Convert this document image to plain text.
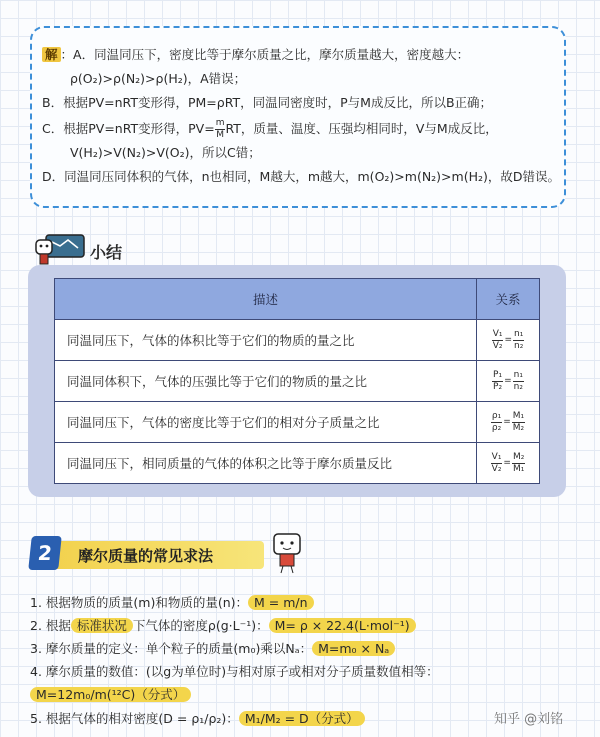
解 ：A．同温同压下，密度比等于摩尔质量之比，摩尔质量越大，密度越大：
ρ(O₂)>ρ(N₂)>ρ(H₂)，A错误；
B．根据PV=nRT变形得，PM=ρRT，同温同密度时，P与M成反比，所以B正确；
C．根据PV=nRT变形得，$PV= \frac{m}{M}$ RT，质量、温度、压强均相同时，V与M成反比，
V(H₂)>V(N₂)>V(O₂)，所以C错；
D．同温同压同体积的气体，n也相同，M越大，m越大，m(O₂)>m(N₂)>m(H₂)，故D错误。
小结
描述	关系
同温同压下，气体的体积比等于它们的物质的量之比	$\frac{\text{V₁}}{\text{V₂}} = \frac{\text{n₁}}{\text{n₂}}$

同温同体积下，气体的压强比等于它们的物质的量之比	$\frac{\text{P₁}}{\text{P₂}} = \frac{\text{n₁}}{\text{n₂}}$

同温同压下，气体的密度比等于它们的相对分子质量之比	$\frac{\text{ρ₁}}{\text{ρ₂}} = \frac{\text{M₁}}{\text{M₂}}$

同温同压下，相同质量的气体的体积之比等于摩尔质量反比	$\frac{\text{V₁}}{\text{V₂}} = \frac{\text{M₂}}{\text{M₁}}$
2	摩尔质量的常见求法
1. 根据物质的质量(m)和物质的量(n)： M = m/n
2. 根据 标准状况 下气体的密度ρ(g·L⁻¹)： M= ρ × 22.4(L·mol⁻¹)
3. 摩尔质量的定义：单个粒子的质量(m₀)乘以Nₐ： M=m₀ × Nₐ
4. 摩尔质量的数值：(以g为单位时)与相对原子或相对分子质量数值相等：
M=12m₀/m(¹²C)（分式）
5. 根据气体的相对密度(D = ρ₁/ρ₂)： M₁/M₂ = D（分式）	知乎 @刘铭
